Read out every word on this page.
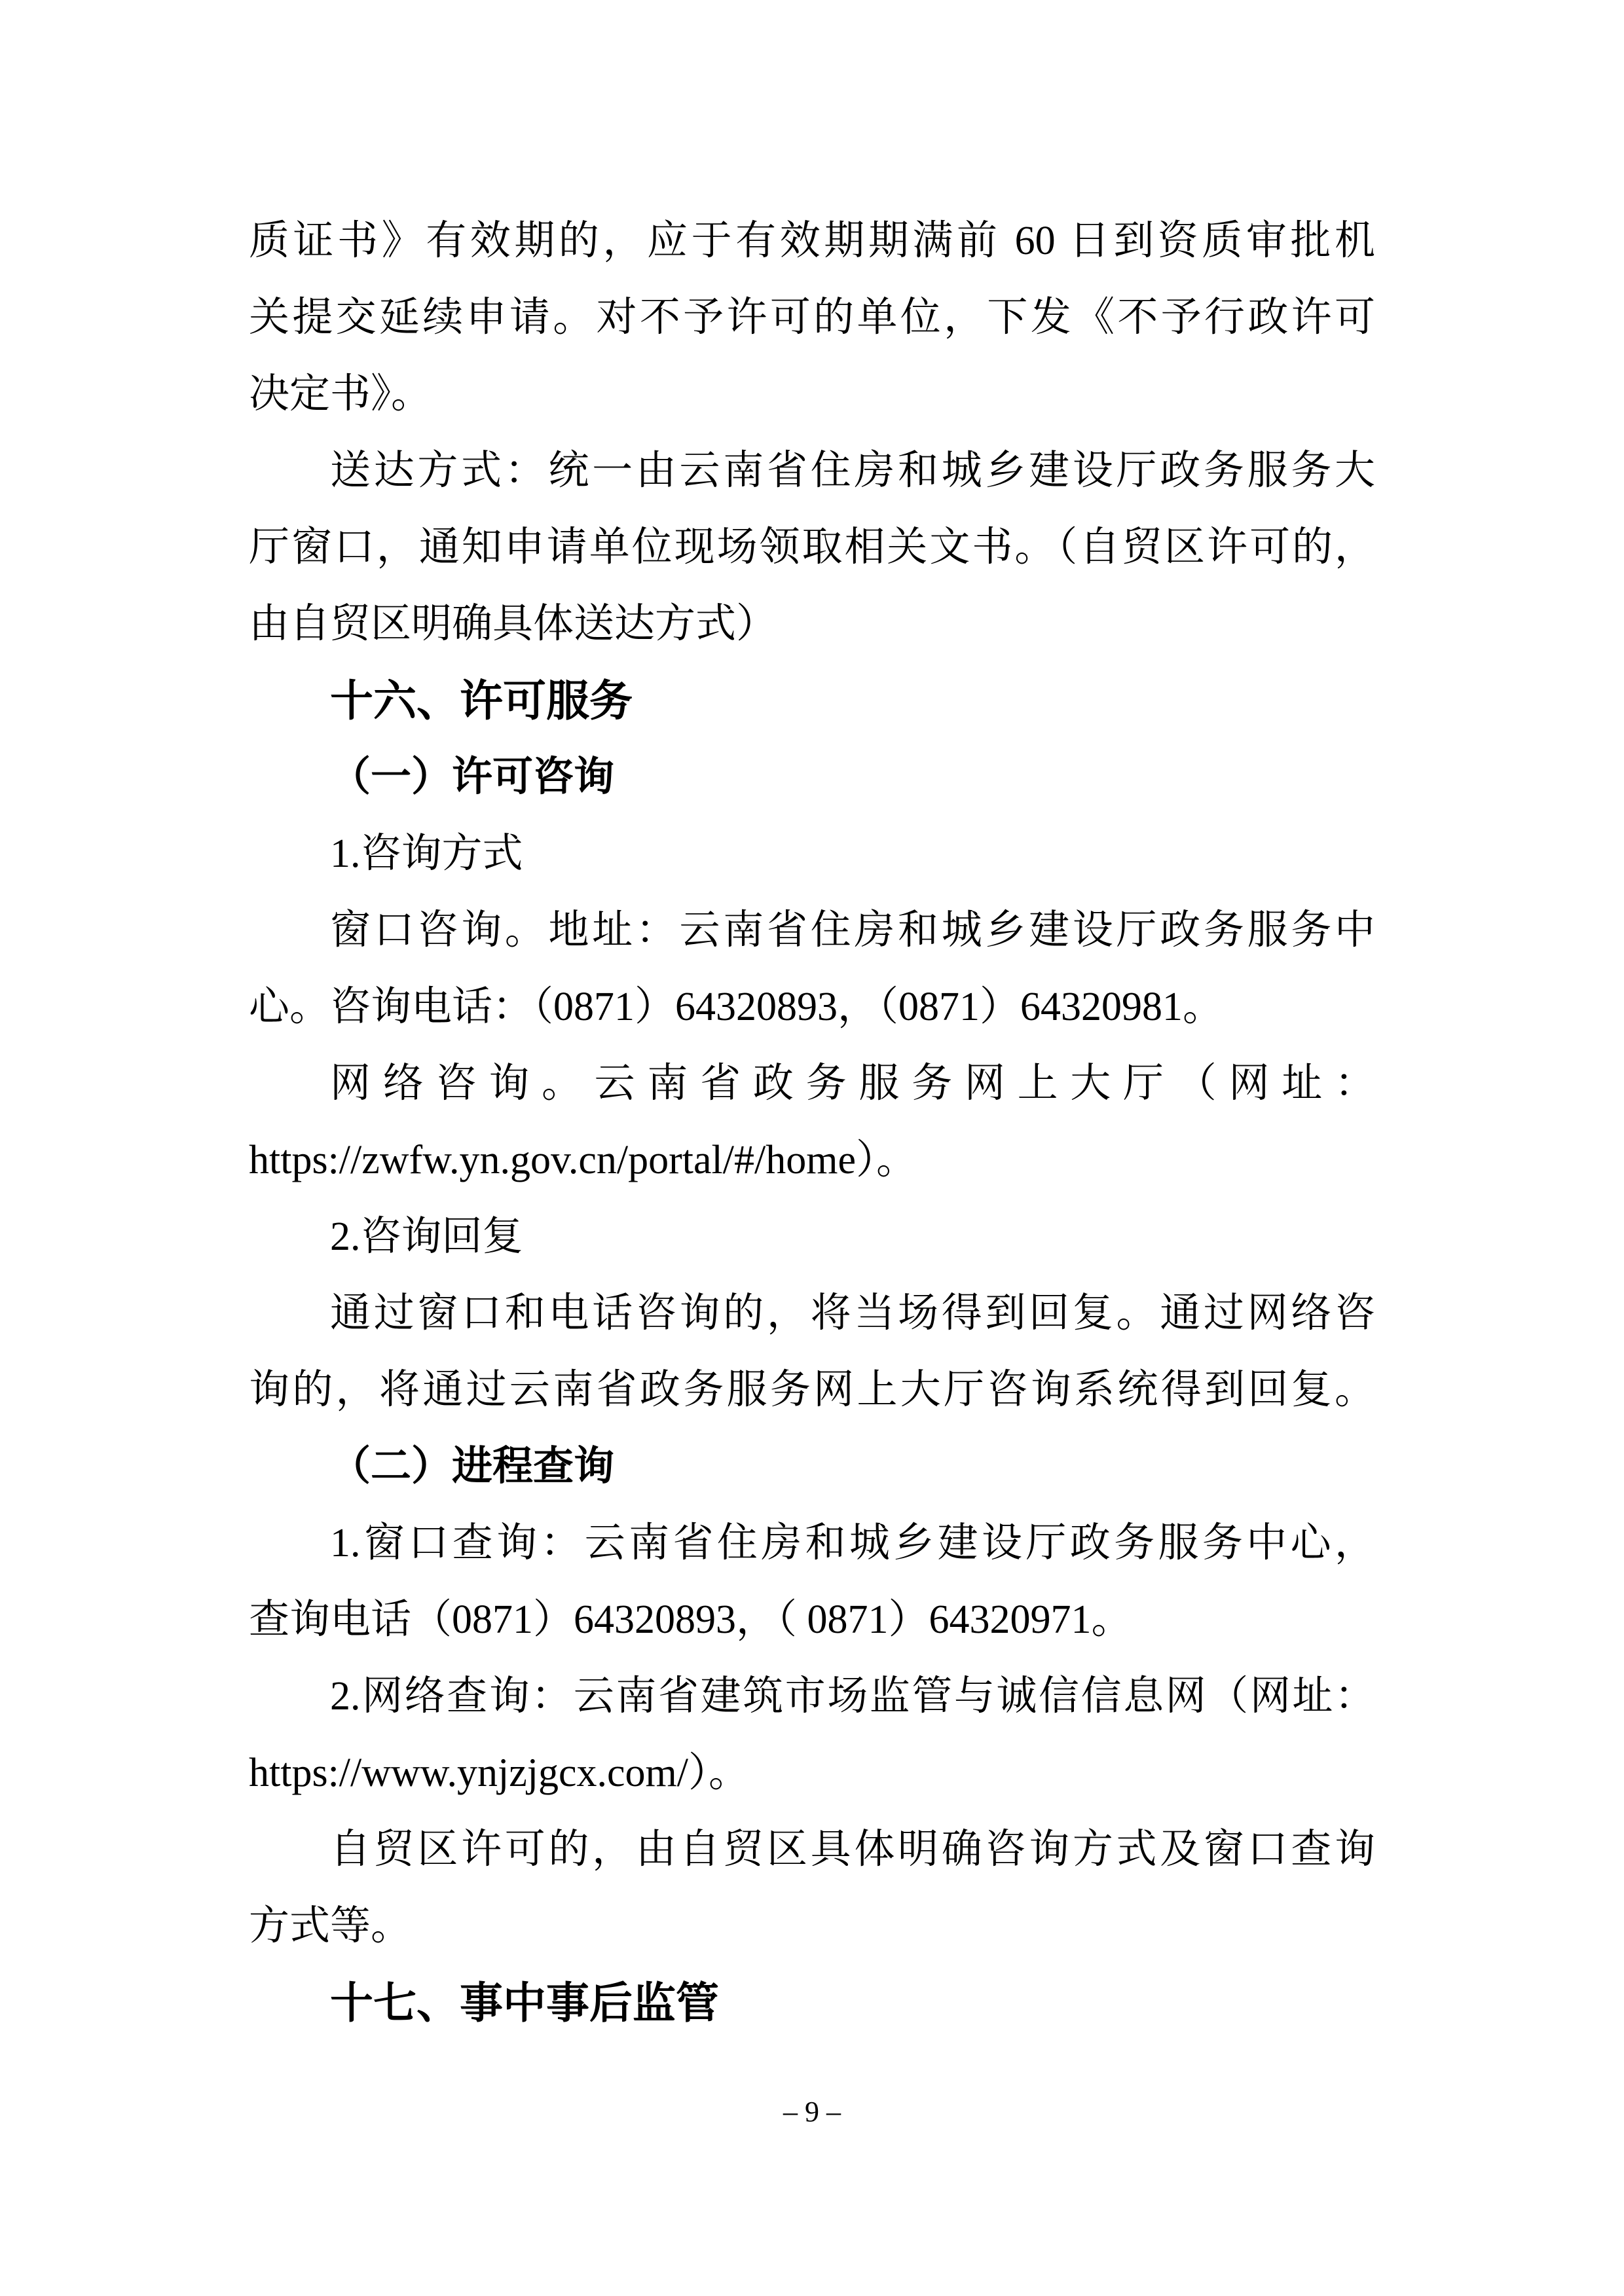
质证书》有效期的，应于有效期期满前 60 日到资质审批机
关提交延续申请。对不予许可的单位，下发《不予行政许可
决定书》。
送达方式：统一由云南省住房和城乡建设厅政务服务大
厅窗口，通知申请单位现场领取相关文书。（自贸区许可的，
由自贸区明确具体送达方式）
十六、许可服务
（一）许可咨询
1.咨询方式
窗口咨询。地址：云南省住房和城乡建设厅政务服务中
心。咨询电话：（0871）64320893，（0871）64320981。
网络咨询。云南省政务服务网上大厅（网址：
https://zwfw.yn.gov.cn/portal/#/home）。
2.咨询回复
通过窗口和电话咨询的，将当场得到回复。通过网络咨
询的，将通过云南省政务服务网上大厅咨询系统得到回复。
（二）进程查询
1.窗口查询：云南省住房和城乡建设厅政务服务中心，
查询电话（0871）64320893，（ 0871）64320971。
2.网络查询：云南省建筑市场监管与诚信信息网（网址：
https://www.ynjzjgcx.com/）。
自贸区许可的，由自贸区具体明确咨询方式及窗口查询
方式等。
十七、事中事后监管
– 9 –
